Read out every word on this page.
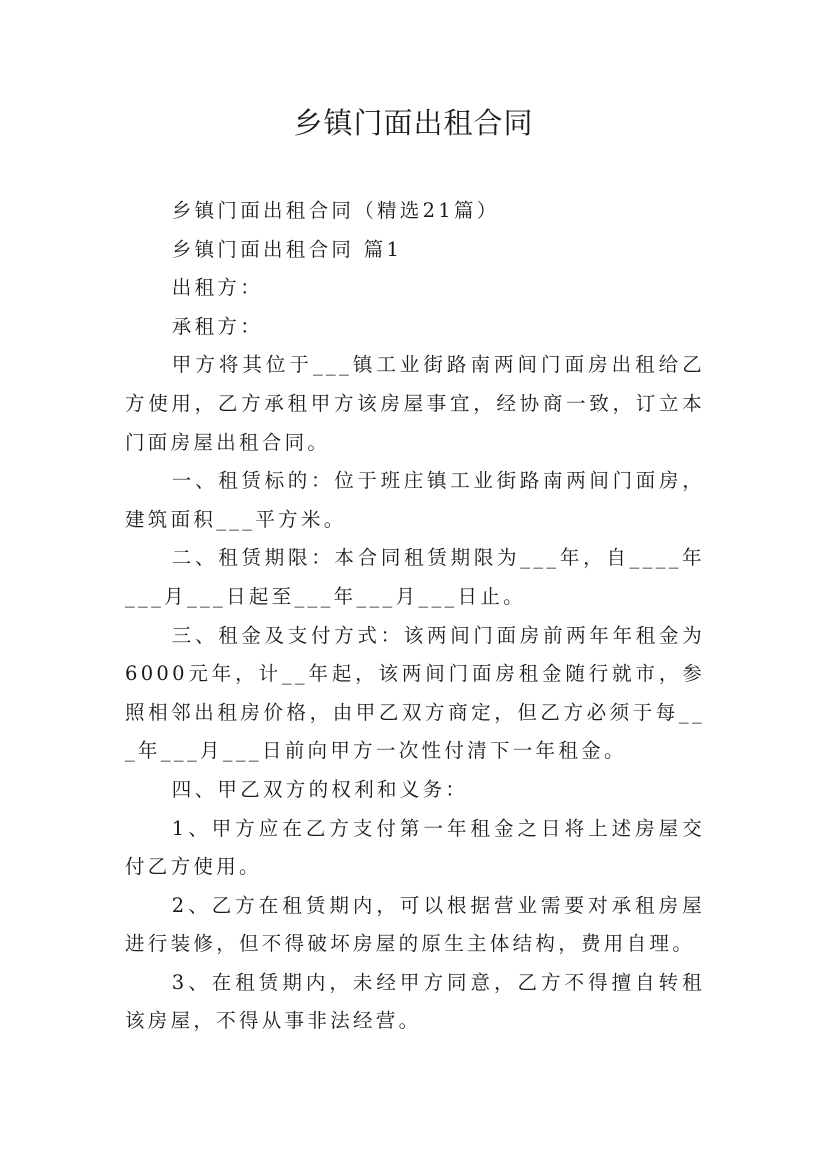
乡镇门面出租合同

乡镇门面出租合同（精选21篇）

乡镇门面出租合同 篇1

出租方：

承租方：

甲方将其位于___镇工业街路南两间门面房出租给乙方使用，乙方承租甲方该房屋事宜，经协商一致，订立本门面房屋出租合同。

一、租赁标的：位于班庄镇工业街路南两间门面房，建筑面积___平方米。

二、租赁期限：本合同租赁期限为___年，自____年___月___日起至___年___月___日止。

三、租金及支付方式：该两间门面房前两年年租金为6000元年，计__年起，该两间门面房租金随行就市，参照相邻出租房价格，由甲乙双方商定，但乙方必须于每___年___月___日前向甲方一次性付清下一年租金。

四、甲乙双方的权利和义务：

1、甲方应在乙方支付第一年租金之日将上述房屋交付乙方使用。

2、乙方在租赁期内，可以根据营业需要对承租房屋进行装修，但不得破坏房屋的原生主体结构，费用自理。

3、在租赁期内，未经甲方同意，乙方不得擅自转租该房屋，不得从事非法经营。
